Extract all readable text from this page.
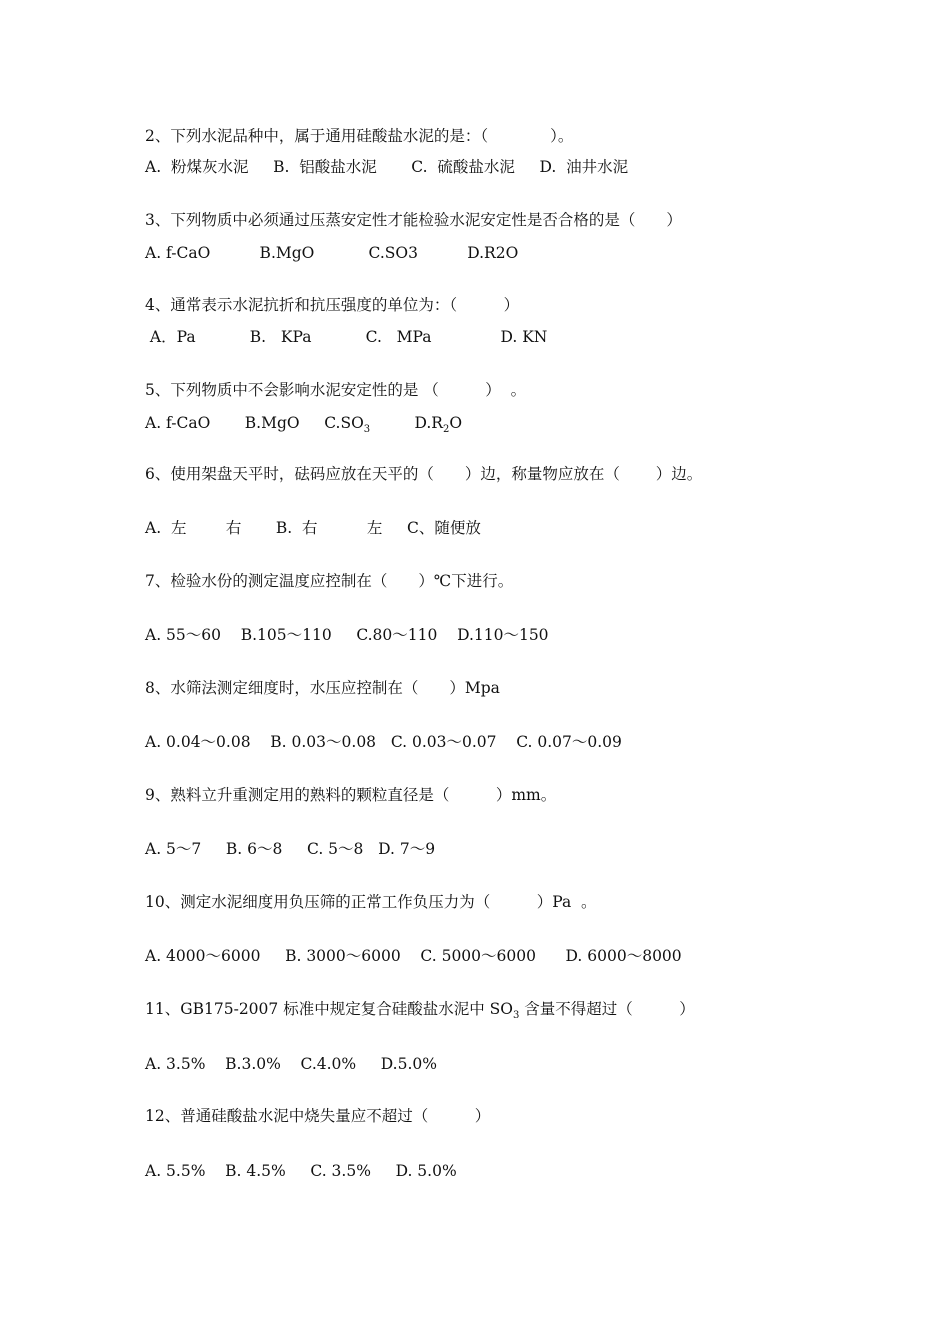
2、下列水泥品种中，属于通用硅酸盐水泥的是：（　　　　）。
A.  粉煤灰水泥     B.  铝酸盐水泥       C.  硫酸盐水泥     D.  油井水泥
3、下列物质中必须通过压蒸安定性才能检验水泥安定性是否合格的是（　　）
A. f-CaO          B.MgO           C.SO3          D.R2O
4、通常表示水泥抗折和抗压强度的单位为：（　　　）
A．Pa           B.   KPa           C.   MPa              D. KN
5、下列物质中不会影响水泥安定性的是 （　　　）  。
A. f-CaO       B.MgO     $C.SO_3$         $D.R_2O$
6、使用架盘天平时，砝码应放在天平的（　　）边，称量物应放在（　　 ）边。
A.  左        右       B.  右          左     C、随便放
7、检验水份的测定温度应控制在（　　）℃下进行。
A. 55～60    B.105～110     C.80～110    D.110～150
8、水筛法测定细度时，水压应控制在（　　）Mpa
A. 0.04～0.08    B. 0.03～0.08   C. 0.03～0.07    C. 0.07～0.09
9、熟料立升重测定用的熟料的颗粒直径是（　　　）mm。
A. 5～7     B. 6～8     C. 5～8   D. 7～9
10、测定水泥细度用负压筛的正常工作负压力为（　　　）Pa  。
A. 4000～6000     B. 3000～6000    C. 5000～6000      D. 6000～8000
11、GB175-2007 标准中规定复合硅酸盐水泥中 $SO_3$ 含量不得超过（　　　）
A. 3.5%    B.3.0%    C.4.0%     D.5.0%
12、普通硅酸盐水泥中烧失量应不超过（　　　）
A. 5.5%    B. 4.5%     C. 3.5%     D. 5.0%
